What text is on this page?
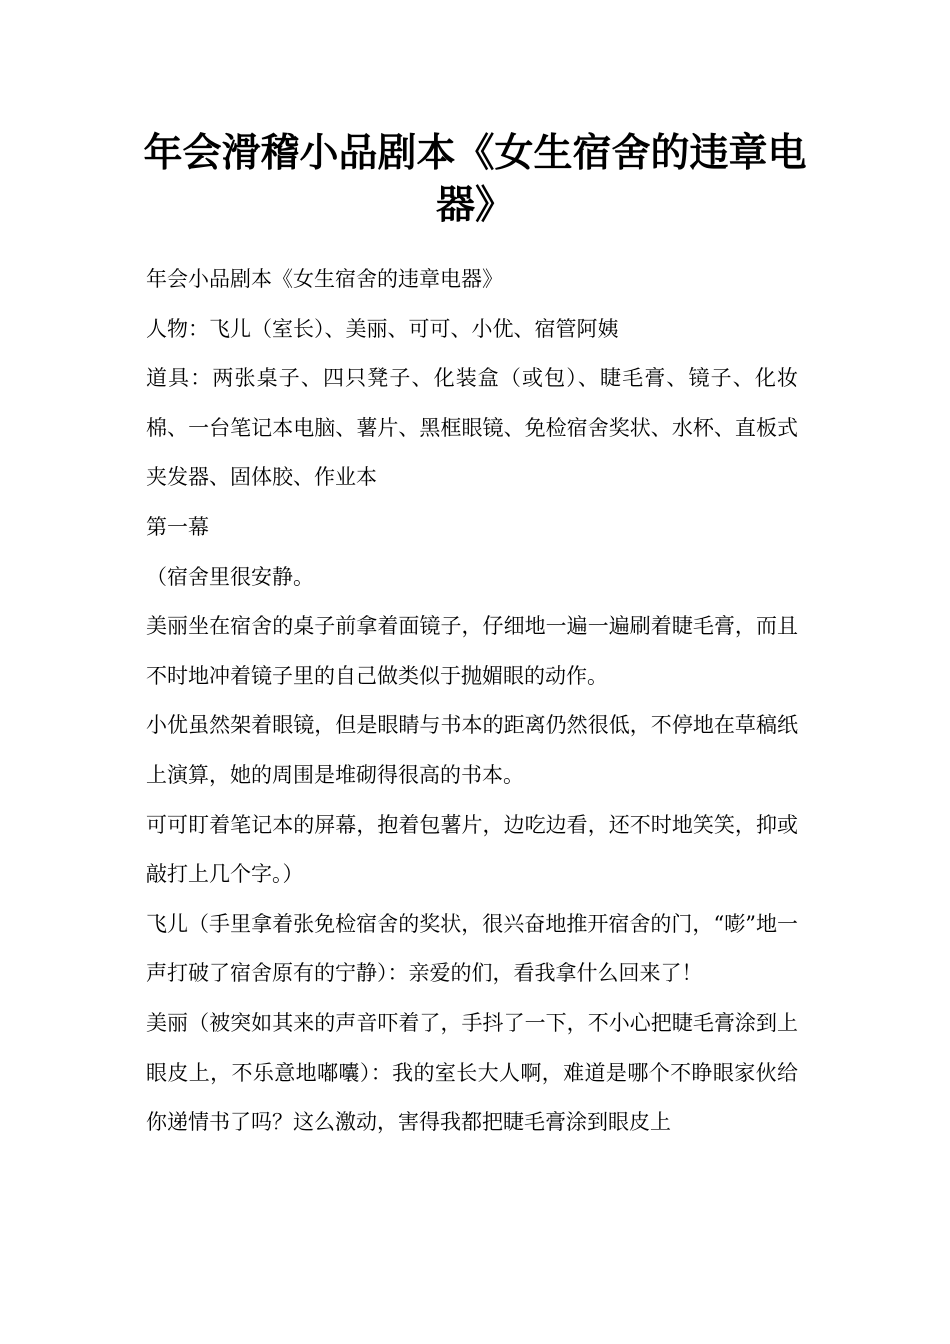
年会滑稽小品剧本《女生宿舍的违章电器》

年会小品剧本《女生宿舍的违章电器》

人物：飞儿（室长）、美丽、可可、小优、宿管阿姨

道具：两张桌子、四只凳子、化装盒（或包）、睫毛膏、镜子、化妆棉、一台笔记本电脑、薯片、黑框眼镜、免检宿舍奖状、水杯、直板式夹发器、固体胶、作业本

第一幕

（宿舍里很安静。

美丽坐在宿舍的桌子前拿着面镜子，仔细地一遍一遍刷着睫毛膏，而且不时地冲着镜子里的自己做类似于抛媚眼的动作。

小优虽然架着眼镜，但是眼睛与书本的距离仍然很低，不停地在草稿纸上演算，她的周围是堆砌得很高的书本。

可可盯着笔记本的屏幕，抱着包薯片，边吃边看，还不时地笑笑，抑或敲打上几个字。）

飞儿（手里拿着张免检宿舍的奖状，很兴奋地推开宿舍的门，“嘭”地一声打破了宿舍原有的宁静）：亲爱的们，看我拿什么回来了！

美丽（被突如其来的声音吓着了，手抖了一下，不小心把睫毛膏涂到上眼皮上，不乐意地嘟囔）：我的室长大人啊，难道是哪个不睁眼家伙给你递情书了吗？这么激动，害得我都把睫毛膏涂到眼皮上
